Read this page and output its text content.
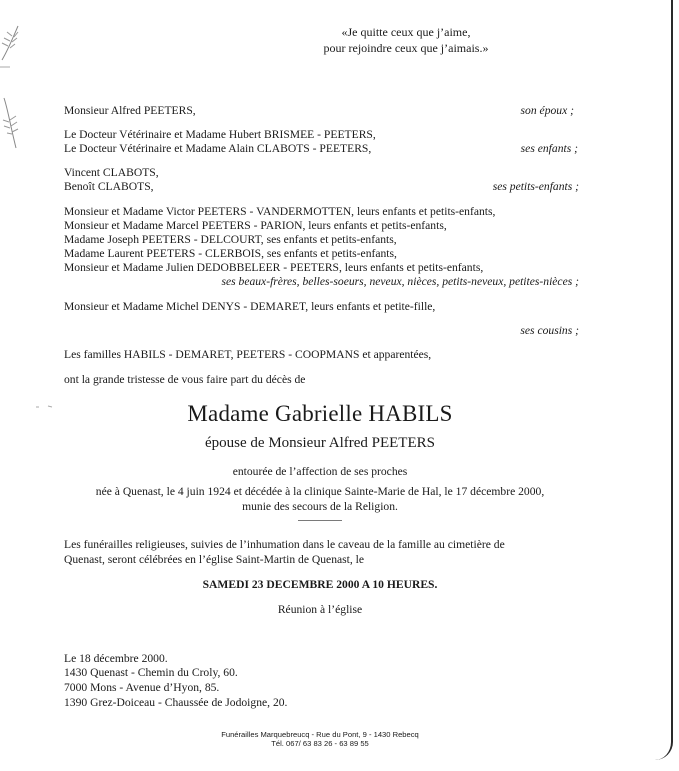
«Je quitte ceux que j’aime,
pour rejoindre ceux que j’aimais.»
Monsieur Alfred PEETERS,	son époux ;
Le Docteur Vétérinaire et Madame Hubert BRISMEE - PEETERS,
Le Docteur Vétérinaire et Madame Alain CLABOTS - PEETERS,	ses enfants ;
Vincent CLABOTS,
Benoît CLABOTS,	ses petits-enfants ;
Monsieur et Madame Victor PEETERS - VANDERMOTTEN, leurs enfants et petits-enfants,
Monsieur et Madame Marcel PEETERS - PARION, leurs enfants et petits-enfants,
Madame Joseph PEETERS - DELCOURT, ses enfants et petits-enfants,
Madame Laurent PEETERS - CLERBOIS, ses enfants et petits-enfants,
Monsieur et Madame Julien DEDOBBELEER - PEETERS, leurs enfants et petits-enfants,
ses beaux-frères, belles-soeurs, neveux, nièces, petits-neveux, petites-nièces ;
Monsieur et Madame Michel DENYS - DEMARET, leurs enfants et petite-fille,
ses cousins ;
Les familles HABILS - DEMARET, PEETERS - COOPMANS et apparentées,
ont la grande tristesse de vous faire part du décès de
Madame Gabrielle HABILS
épouse de Monsieur Alfred PEETERS
entourée de l’affection de ses proches
née à Quenast, le 4 juin 1924 et décédée à la clinique Sainte-Marie de Hal, le 17 décembre 2000,
munie des secours de la Religion.
Les funérailles religieuses, suivies de l’inhumation dans le caveau de la famille au cimetière de
Quenast, seront célébrées en l’église Saint-Martin de Quenast, le
SAMEDI 23 DECEMBRE 2000 A 10 HEURES.
Réunion à l’église
Le 18 décembre 2000.
1430 Quenast - Chemin du Croly, 60.
7000 Mons - Avenue d’Hyon, 85.
1390 Grez-Doiceau - Chaussée de Jodoigne, 20.
Funérailles Marquebreucq - Rue du Pont, 9 - 1430 Rebecq
Tél. 067/ 63 83 26 - 63 89 55
